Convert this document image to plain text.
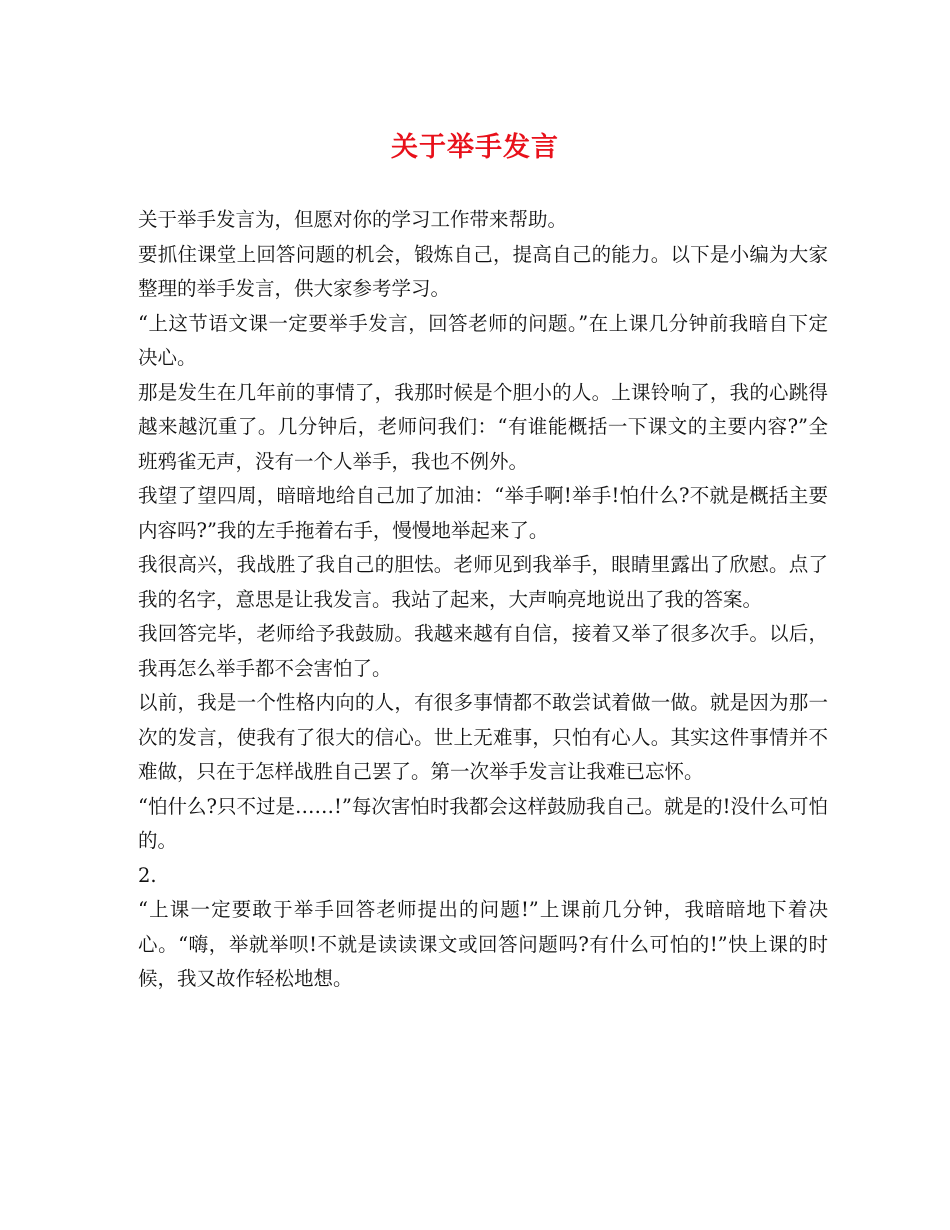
关于举手发言

关于举手发言为，但愿对你的学习工作带来帮助。

要抓住课堂上回答问题的机会，锻炼自己，提高自己的能力。以下是小编为大家整理的举手发言，供大家参考学习。

“上这节语文课一定要举手发言，回答老师的问题。”在上课几分钟前我暗自下定决心。

那是发生在几年前的事情了，我那时候是个胆小的人。上课铃响了，我的心跳得越来越沉重了。几分钟后，老师问我们：“有谁能概括一下课文的主要内容?”全班鸦雀无声，没有一个人举手，我也不例外。

我望了望四周，暗暗地给自己加了加油：“举手啊!举手!怕什么?不就是概括主要内容吗?”我的左手拖着右手，慢慢地举起来了。

我很高兴，我战胜了我自己的胆怯。老师见到我举手，眼睛里露出了欣慰。点了我的名字，意思是让我发言。我站了起来，大声响亮地说出了我的答案。

我回答完毕，老师给予我鼓励。我越来越有自信，接着又举了很多次手。以后，我再怎么举手都不会害怕了。

以前，我是一个性格内向的人，有很多事情都不敢尝试着做一做。就是因为那一次的发言，使我有了很大的信心。世上无难事，只怕有心人。其实这件事情并不难做，只在于怎样战胜自己罢了。第一次举手发言让我难已忘怀。

“怕什么?只不过是……!”每次害怕时我都会这样鼓励我自己。就是的!没什么可怕的。

2.

“上课一定要敢于举手回答老师提出的问题!”上课前几分钟，我暗暗地下着决心。“嗨，举就举呗!不就是读读课文或回答问题吗?有什么可怕的!”快上课的时候，我又故作轻松地想。
